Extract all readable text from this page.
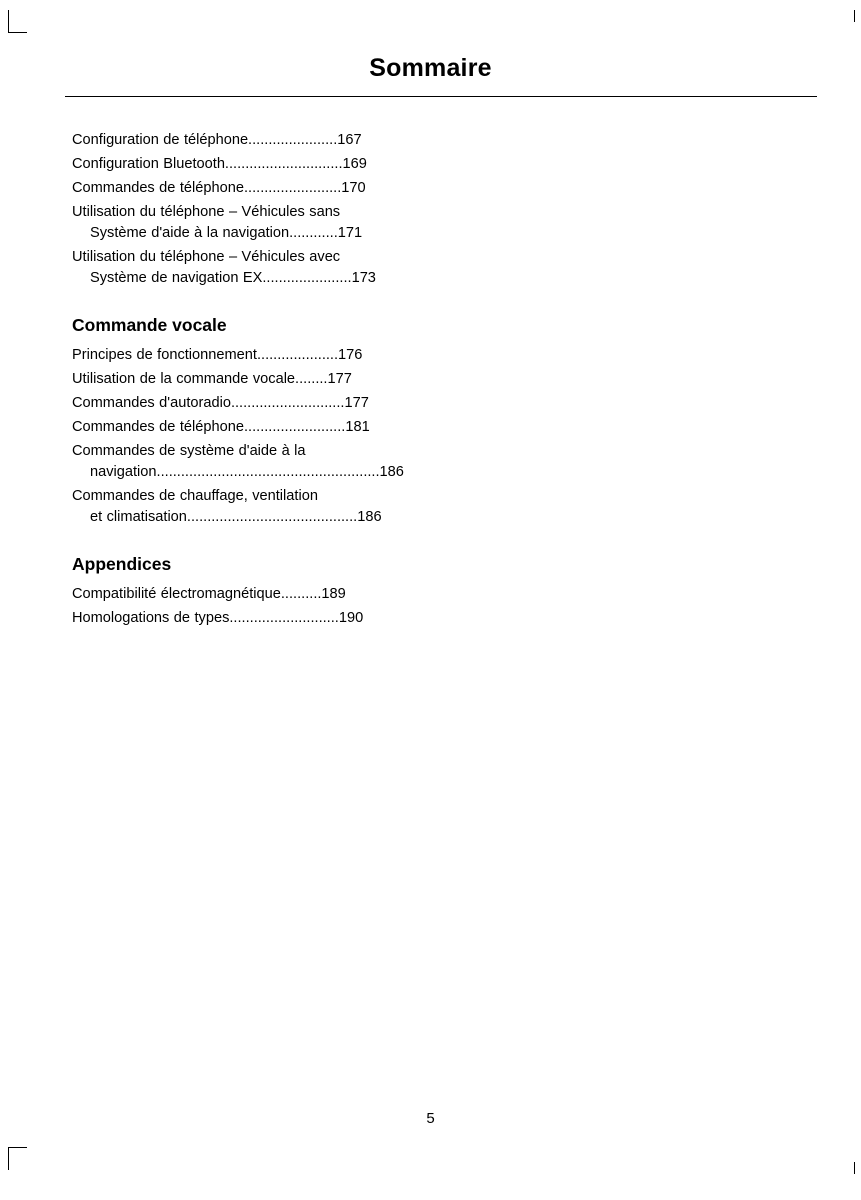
Sommaire
Configuration de téléphone......................167
Configuration Bluetooth.............................169
Commandes de téléphone........................170
Utilisation du téléphone – Véhicules sans
Système d'aide à la navigation............171
Utilisation du téléphone – Véhicules avec
Système de navigation EX......................173
Commande vocale
Principes de fonctionnement....................176
Utilisation de la commande vocale........177
Commandes d'autoradio............................177
Commandes de téléphone.........................181
Commandes de système d'aide à la
navigation.......................................................186
Commandes de chauffage, ventilation
et climatisation..........................................186
Appendices
Compatibilité électromagnétique..........189
Homologations de types...........................190
5
